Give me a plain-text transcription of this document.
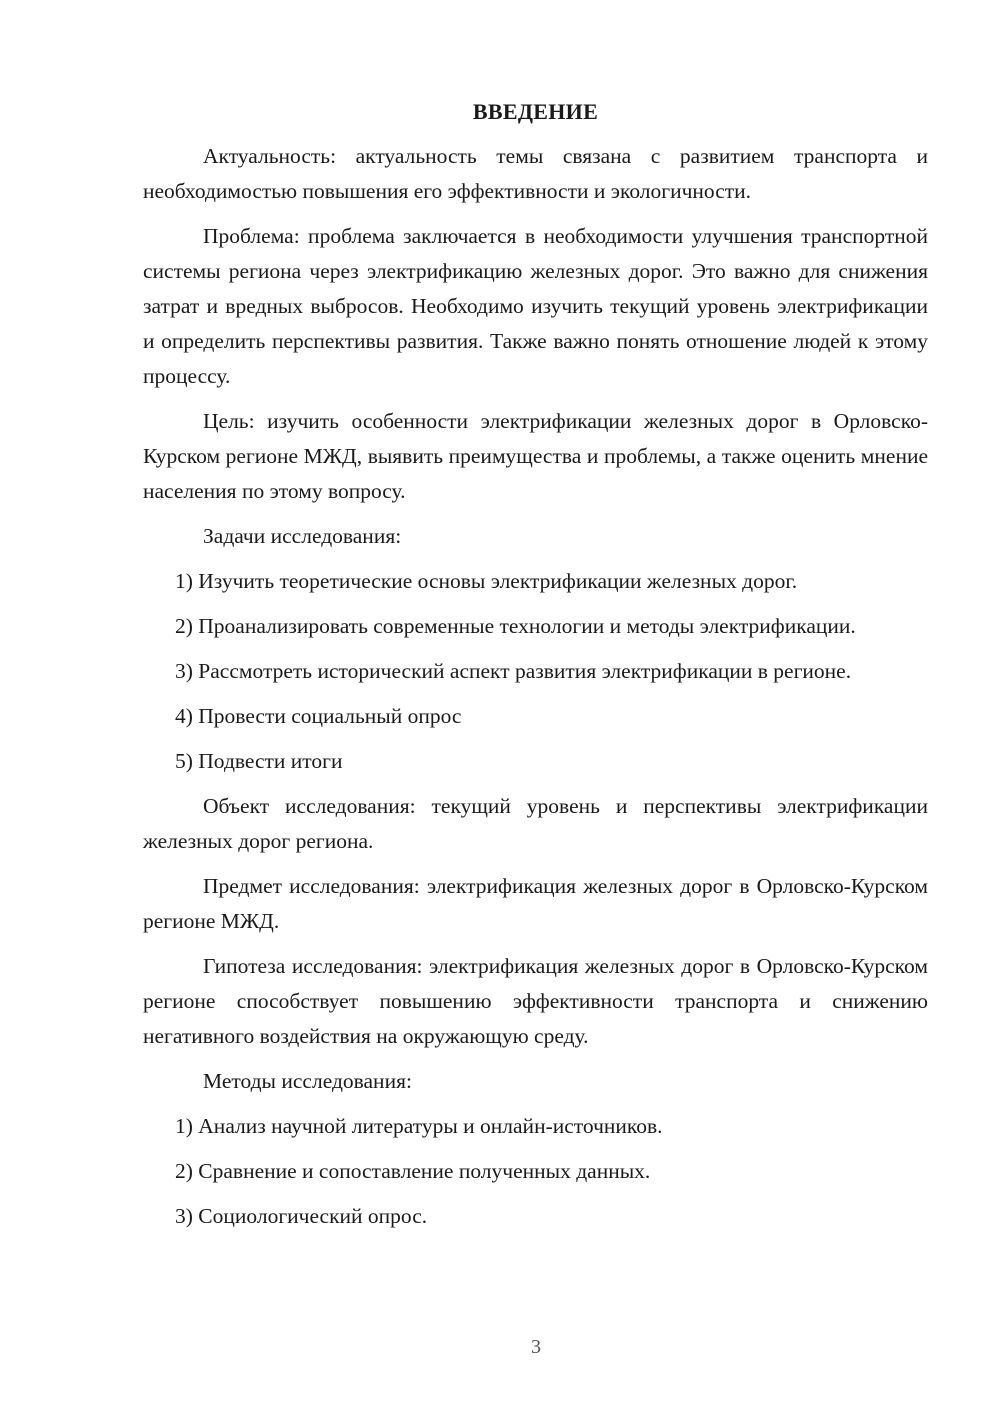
ВВЕДЕНИЕ

Актуальность: актуальность темы связана с развитием транспорта и необходимостью повышения его эффективности и экологичности.

Проблема: проблема заключается в необходимости улучшения транспортной системы региона через электрификацию железных дорог. Это важно для снижения затрат и вредных выбросов. Необходимо изучить текущий уровень электрификации и определить перспективы развития. Также важно понять отношение людей к этому процессу.

Цель: изучить особенности электрификации железных дорог в Орловско-Курском регионе МЖД, выявить преимущества и проблемы, а также оценить мнение населения по этому вопросу.

Задачи исследования:

1) Изучить теоретические основы электрификации железных дорог.

2) Проанализировать современные технологии и методы электрификации.

3) Рассмотреть исторический аспект развития электрификации в регионе.

4) Провести социальный опрос

5) Подвести итоги

Объект исследования: текущий уровень и перспективы электрификации железных дорог региона.

Предмет исследования: электрификация железных дорог в Орловско-Курском регионе МЖД.

Гипотеза исследования: электрификация железных дорог в Орловско-Курском регионе способствует повышению эффективности транспорта и снижению негативного воздействия на окружающую среду.

Методы исследования:

1) Анализ научной литературы и онлайн-источников.

2) Сравнение и сопоставление полученных данных.

3) Социологический опрос.

3
